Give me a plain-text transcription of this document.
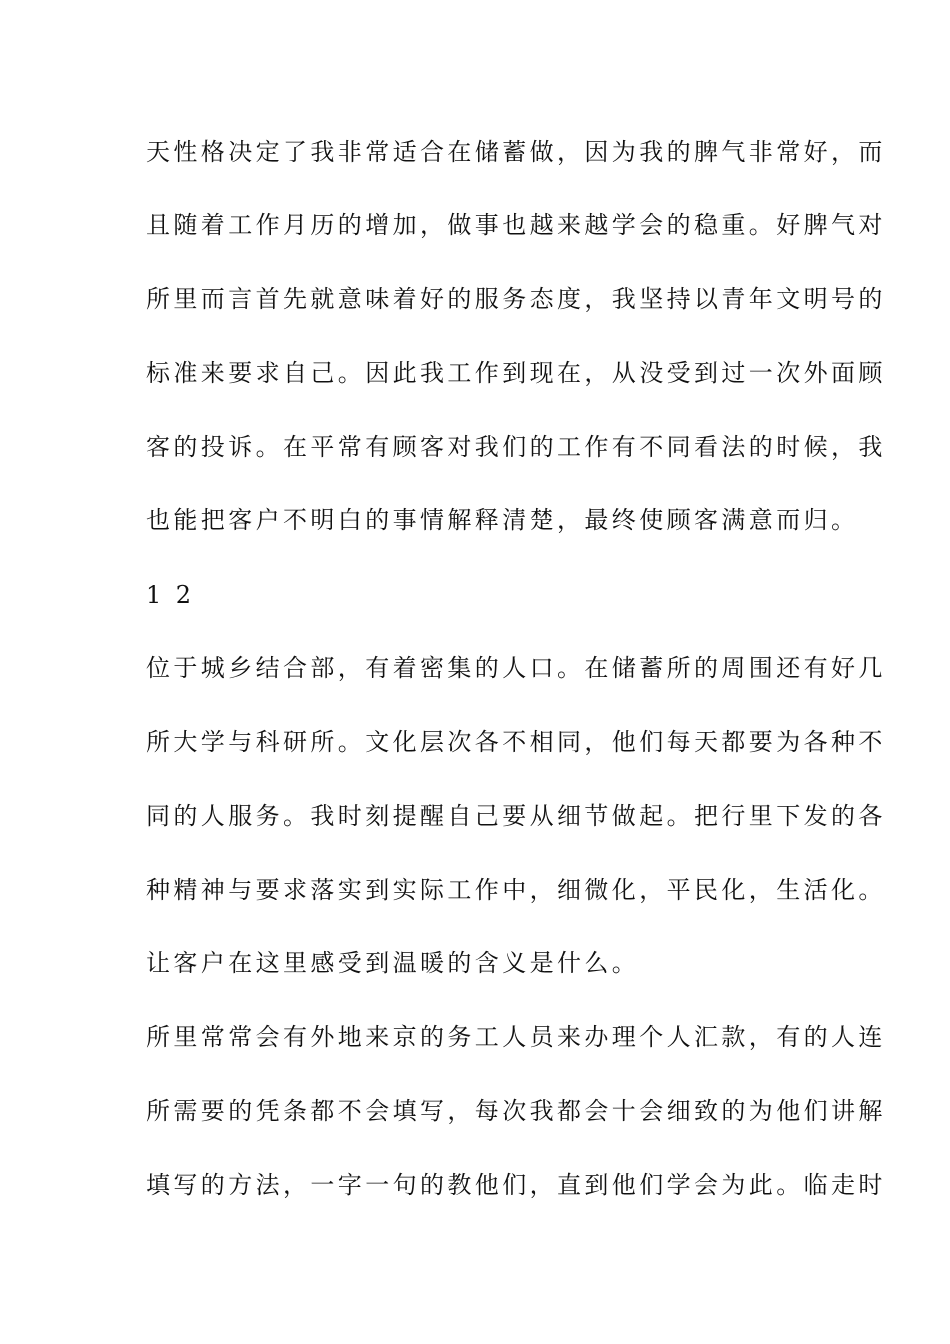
天性格决定了我非常适合在储蓄做，因为我的脾气非常好，而
且随着工作月历的增加，做事也越来越学会的稳重。好脾气对
所里而言首先就意味着好的服务态度，我坚持以青年文明号的
标准来要求自己。因此我工作到现在，从没受到过一次外面顾
客的投诉。在平常有顾客对我们的工作有不同看法的时候，我
也能把客户不明白的事情解释清楚，最终使顾客满意而归。
1 2
位于城乡结合部，有着密集的人口。在储蓄所的周围还有好几
所大学与科研所。文化层次各不相同，他们每天都要为各种不
同的人服务。我时刻提醒自己要从细节做起。把行里下发的各
种精神与要求落实到实际工作中，细微化，平民化，生活化。
让客户在这里感受到温暖的含义是什么。
所里常常会有外地来京的务工人员来办理个人汇款，有的人连
所需要的凭条都不会填写，每次我都会十会细致的为他们讲解
填写的方法，一字一句的教他们，直到他们学会为此。临走时
